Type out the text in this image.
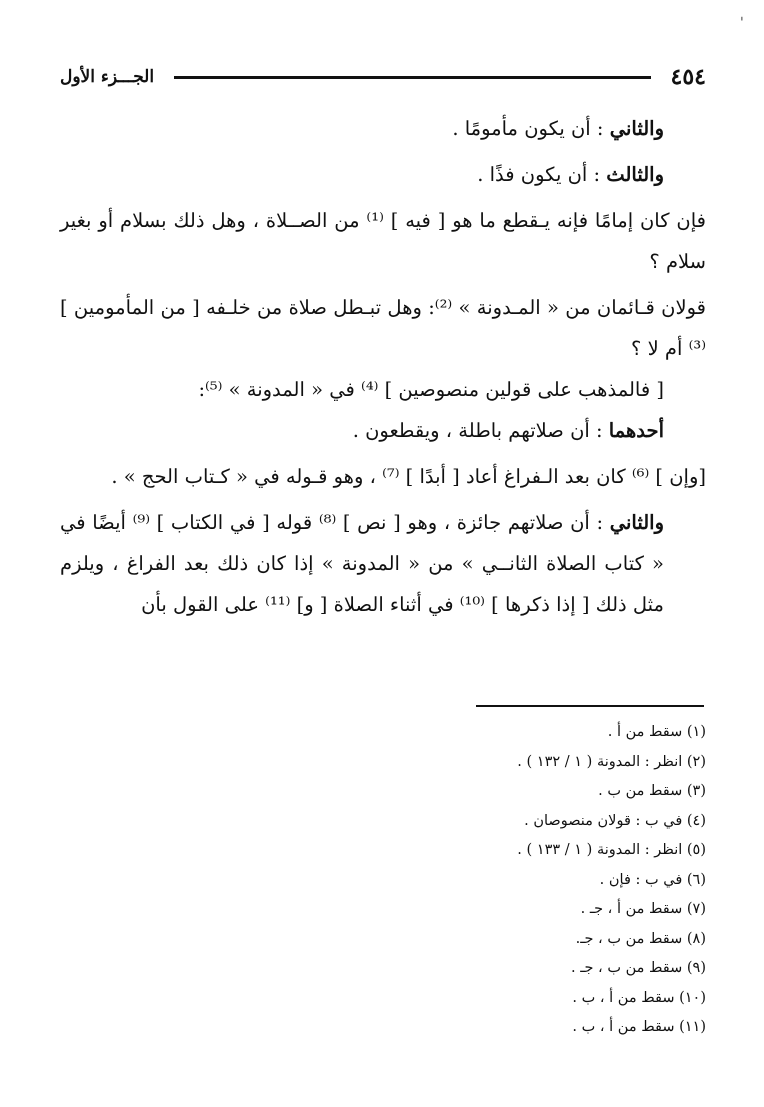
ˈ
٤٥٤
الجـــزء الأول

والثاني : أن يكون مأمومًا .

والثالث : أن يكون فذًا .

فإن كان إمامًا فإنه يـقطع ما هو [ فيه ] ⁽¹⁾ من الصــلاة ، وهل ذلك بسلام أو بغير سلام ؟

قولان قـائمان من « المـدونة » ⁽²⁾: وهل تبـطل صلاة من خلـفه [ من المأمومين ] ⁽³⁾ أم لا ؟

[ فالمذهب على قولين منصوصين ] ⁽⁴⁾ في « المدونة » ⁽⁵⁾:

أحدهما : أن صلاتهم باطلة ، ويقطعون .

[وإن ] ⁽⁶⁾ كان بعد الـفراغ أعاد [ أبدًا ] ⁽⁷⁾ ، وهو قـوله في « كـتاب الحج » .

والثاني : أن صلاتهم جائزة ، وهو [ نص ] ⁽⁸⁾ قوله [ في الكتاب ] ⁽⁹⁾ أيضًا في « كتاب الصلاة الثانــي » من « المدونة » إذا كان ذلك بعد الفراغ ، ويلزم مثل ذلك [ إذا ذكرها ] ⁽¹⁰⁾ في أثناء الصلاة [ و] ⁽¹¹⁾ على القول بأن

(١) سقط من أ .
(٢) انظر : المدونة ( ١ / ١٣٢ ) .
(٣) سقط من ب .
(٤) في ب : قولان منصوصان .
(٥) انظر : المدونة ( ١ / ١٣٣ ) .
(٦) في ب : فإن .
(٧) سقط من أ ، جـ .
(٨) سقط من ب ، جـ.
(٩) سقط من ب ، جـ .
(١٠) سقط من أ ، ب .
(١١) سقط من أ ، ب .
